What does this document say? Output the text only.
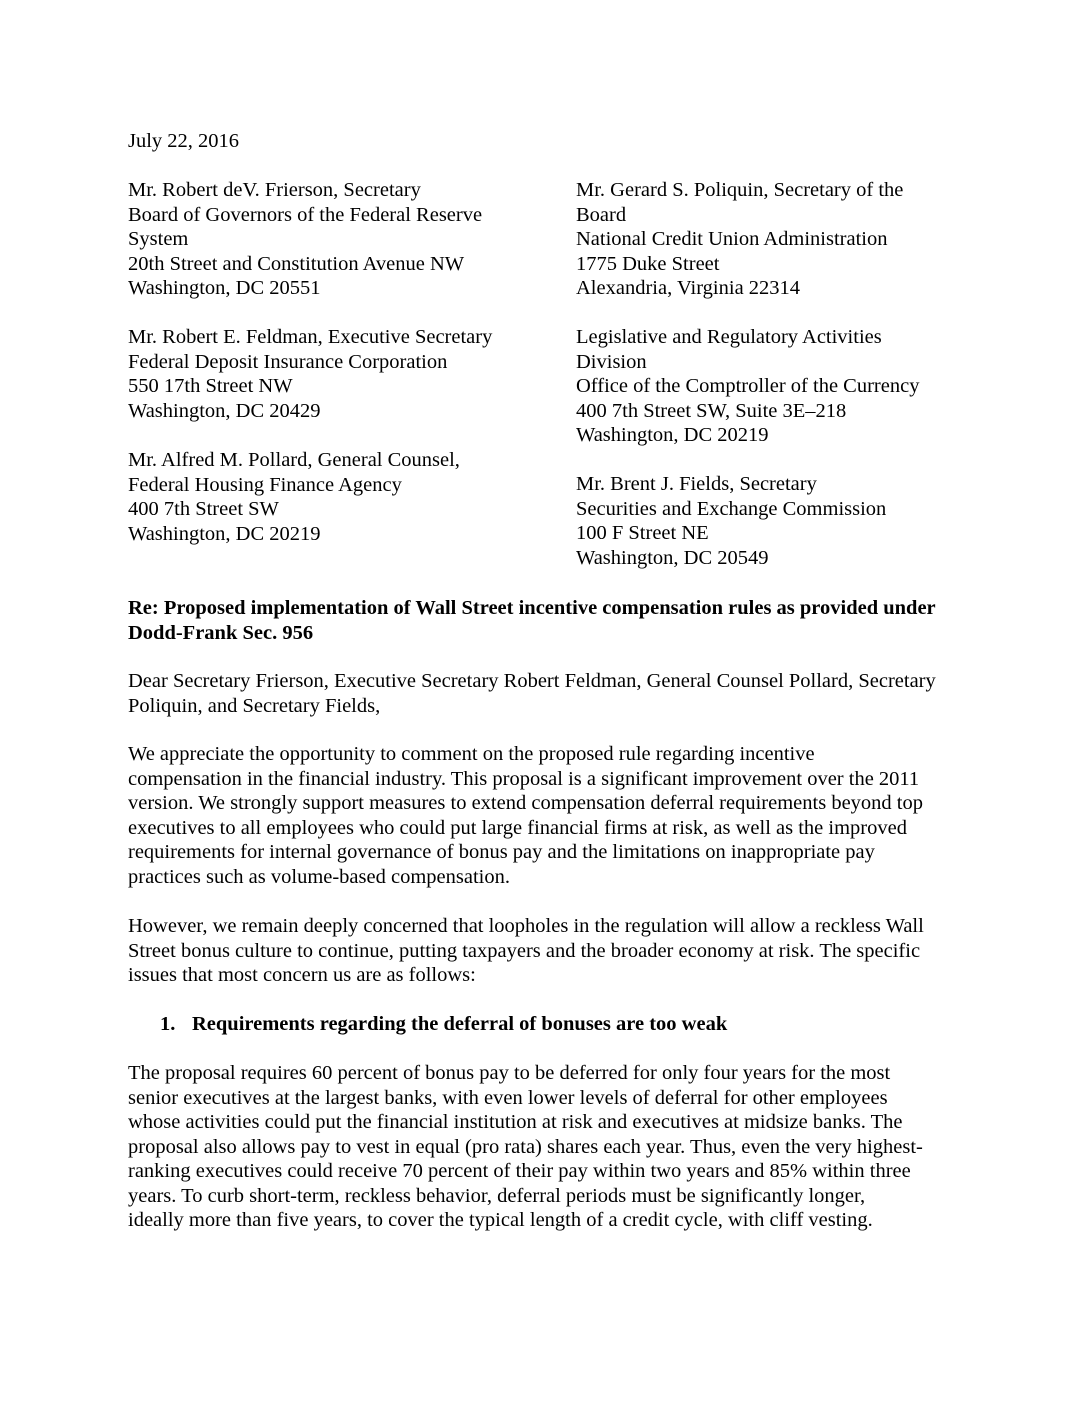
July 22, 2016
Mr. Robert deV. Frierson, Secretary
Board of Governors of the Federal Reserve
System
20th Street and Constitution Avenue NW
Washington, DC 20551
Mr. Gerard S. Poliquin, Secretary of the
Board
National Credit Union Administration
1775 Duke Street
Alexandria, Virginia 22314
Mr. Robert E. Feldman, Executive Secretary
Federal Deposit Insurance Corporation
550 17th Street NW
Washington, DC 20429
Legislative and Regulatory Activities
Division
Office of the Comptroller of the Currency
400 7th Street SW, Suite 3E–218
Washington, DC 20219
Mr. Alfred M. Pollard, General Counsel,
Federal Housing Finance Agency
400 7th Street SW
Washington, DC 20219
Mr. Brent J. Fields, Secretary
Securities and Exchange Commission
100 F Street NE
Washington, DC 20549
Re: Proposed implementation of Wall Street incentive compensation rules as provided under Dodd-Frank Sec. 956
Dear Secretary Frierson, Executive Secretary Robert Feldman, General Counsel Pollard, Secretary Poliquin, and Secretary Fields,
We appreciate the opportunity to comment on the proposed rule regarding incentive
compensation in the financial industry. This proposal is a significant improvement over the 2011
version. We strongly support measures to extend compensation deferral requirements beyond top
executives to all employees who could put large financial firms at risk, as well as the improved
requirements for internal governance of bonus pay and the limitations on inappropriate pay
practices such as volume-based compensation.
However, we remain deeply concerned that loopholes in the regulation will allow a reckless Wall
Street bonus culture to continue, putting taxpayers and the broader economy at risk. The specific
issues that most concern us are as follows:
1. Requirements regarding the deferral of bonuses are too weak
The proposal requires 60 percent of bonus pay to be deferred for only four years for the most
senior executives at the largest banks, with even lower levels of deferral for other employees
whose activities could put the financial institution at risk and executives at midsize banks. The
proposal also allows pay to vest in equal (pro rata) shares each year. Thus, even the very highest-
ranking executives could receive 70 percent of their pay within two years and 85% within three
years. To curb short-term, reckless behavior, deferral periods must be significantly longer,
ideally more than five years, to cover the typical length of a credit cycle, with cliff vesting.
